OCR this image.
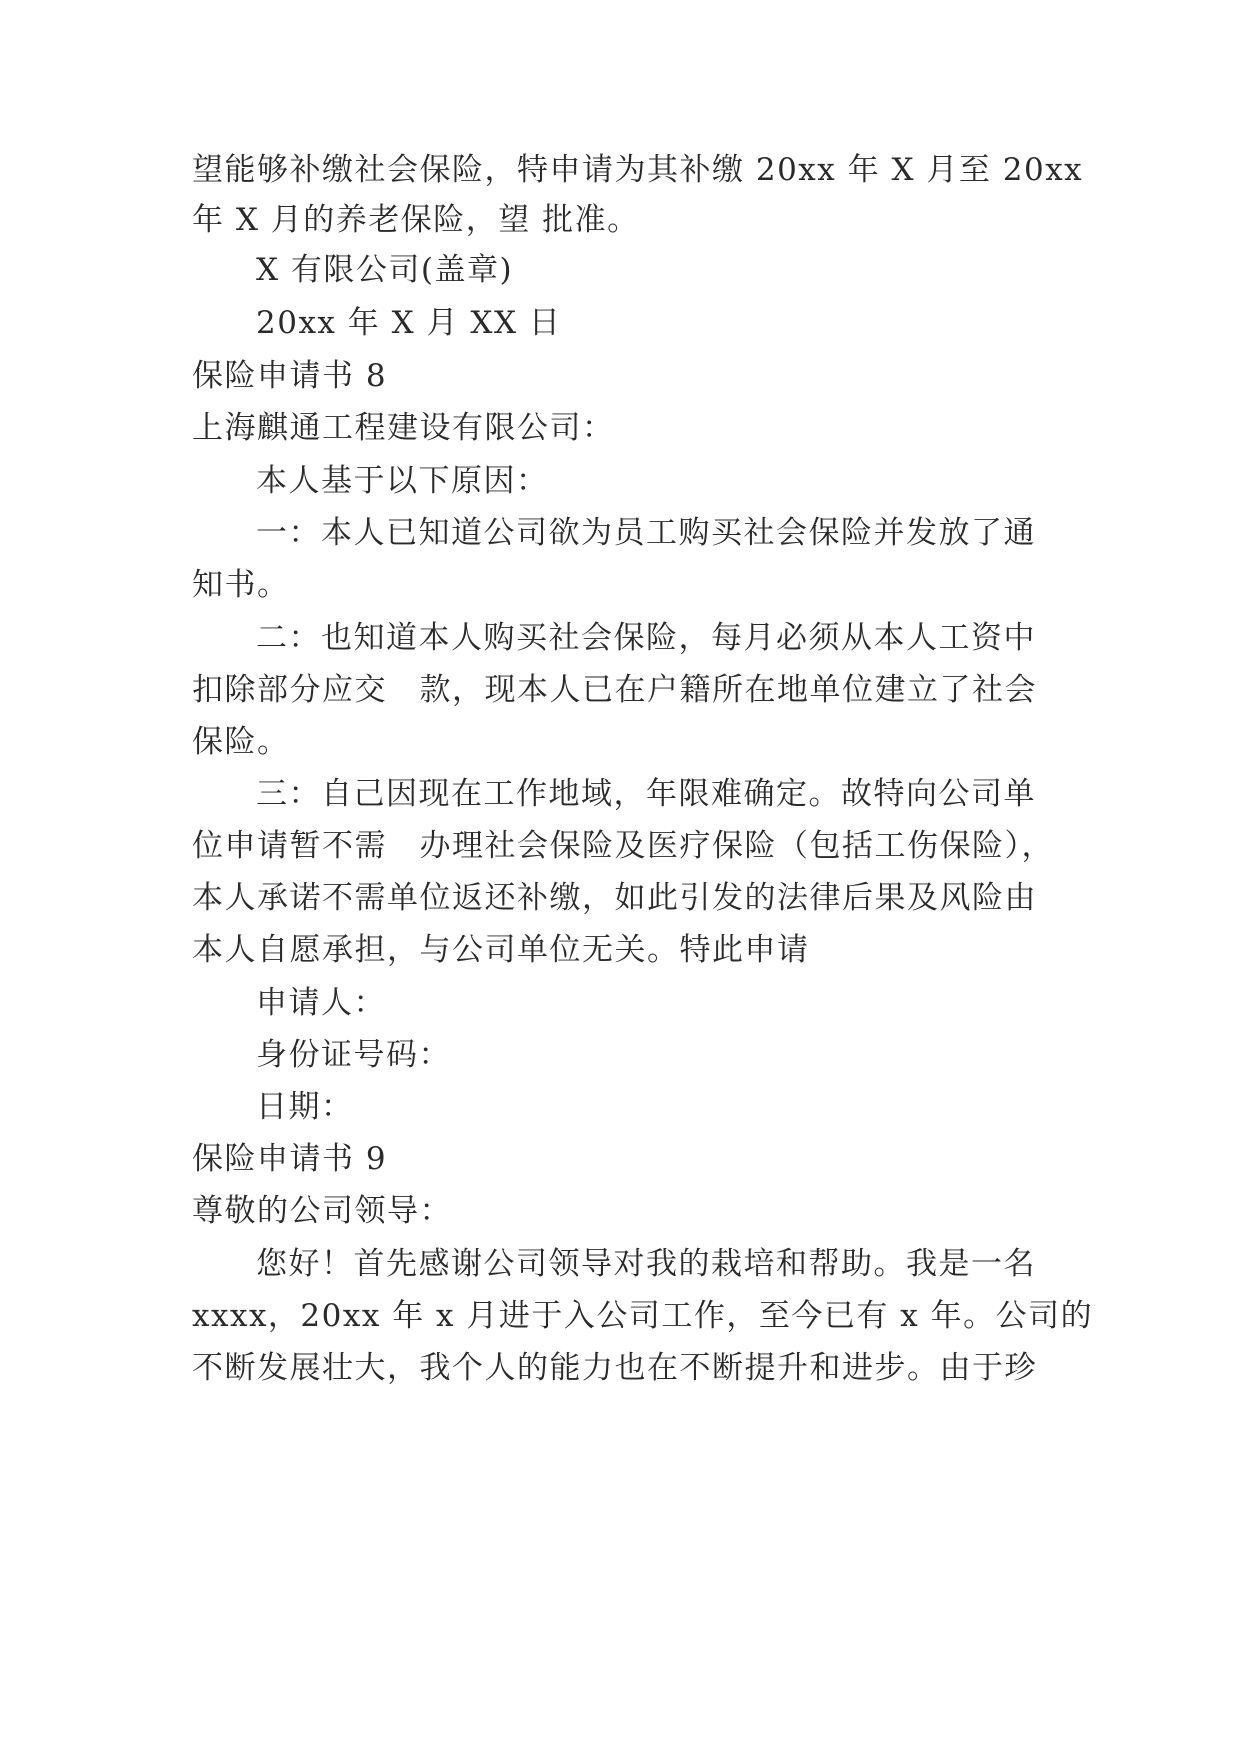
望能够补缴社会保险，特申请为其补缴 20xx 年 X 月至 20xx
年 X 月的养老保险，望 批准。
X 有限公司(盖章)
20xx 年 X 月 XX 日
保险申请书 8
上海麒通工程建设有限公司：
本人基于以下原因：
一：本人已知道公司欲为员工购买社会保险并发放了通
知书。
二：也知道本人购买社会保险，每月必须从本人工资中
扣除部分应交　款，现本人已在户籍所在地单位建立了社会
保险。
三：自己因现在工作地域，年限难确定。故特向公司单
位申请暂不需　办理社会保险及医疗保险（包括工伤保险），
本人承诺不需单位返还补缴，如此引发的法律后果及风险由
本人自愿承担，与公司单位无关。特此申请
申请人：
身份证号码：
日期：
保险申请书 9
尊敬的公司领导：
您好！首先感谢公司领导对我的栽培和帮助。我是一名
xxxx，20xx 年 x 月进于入公司工作，至今已有 x 年。公司的
不断发展壮大，我个人的能力也在不断提升和进步。由于珍
